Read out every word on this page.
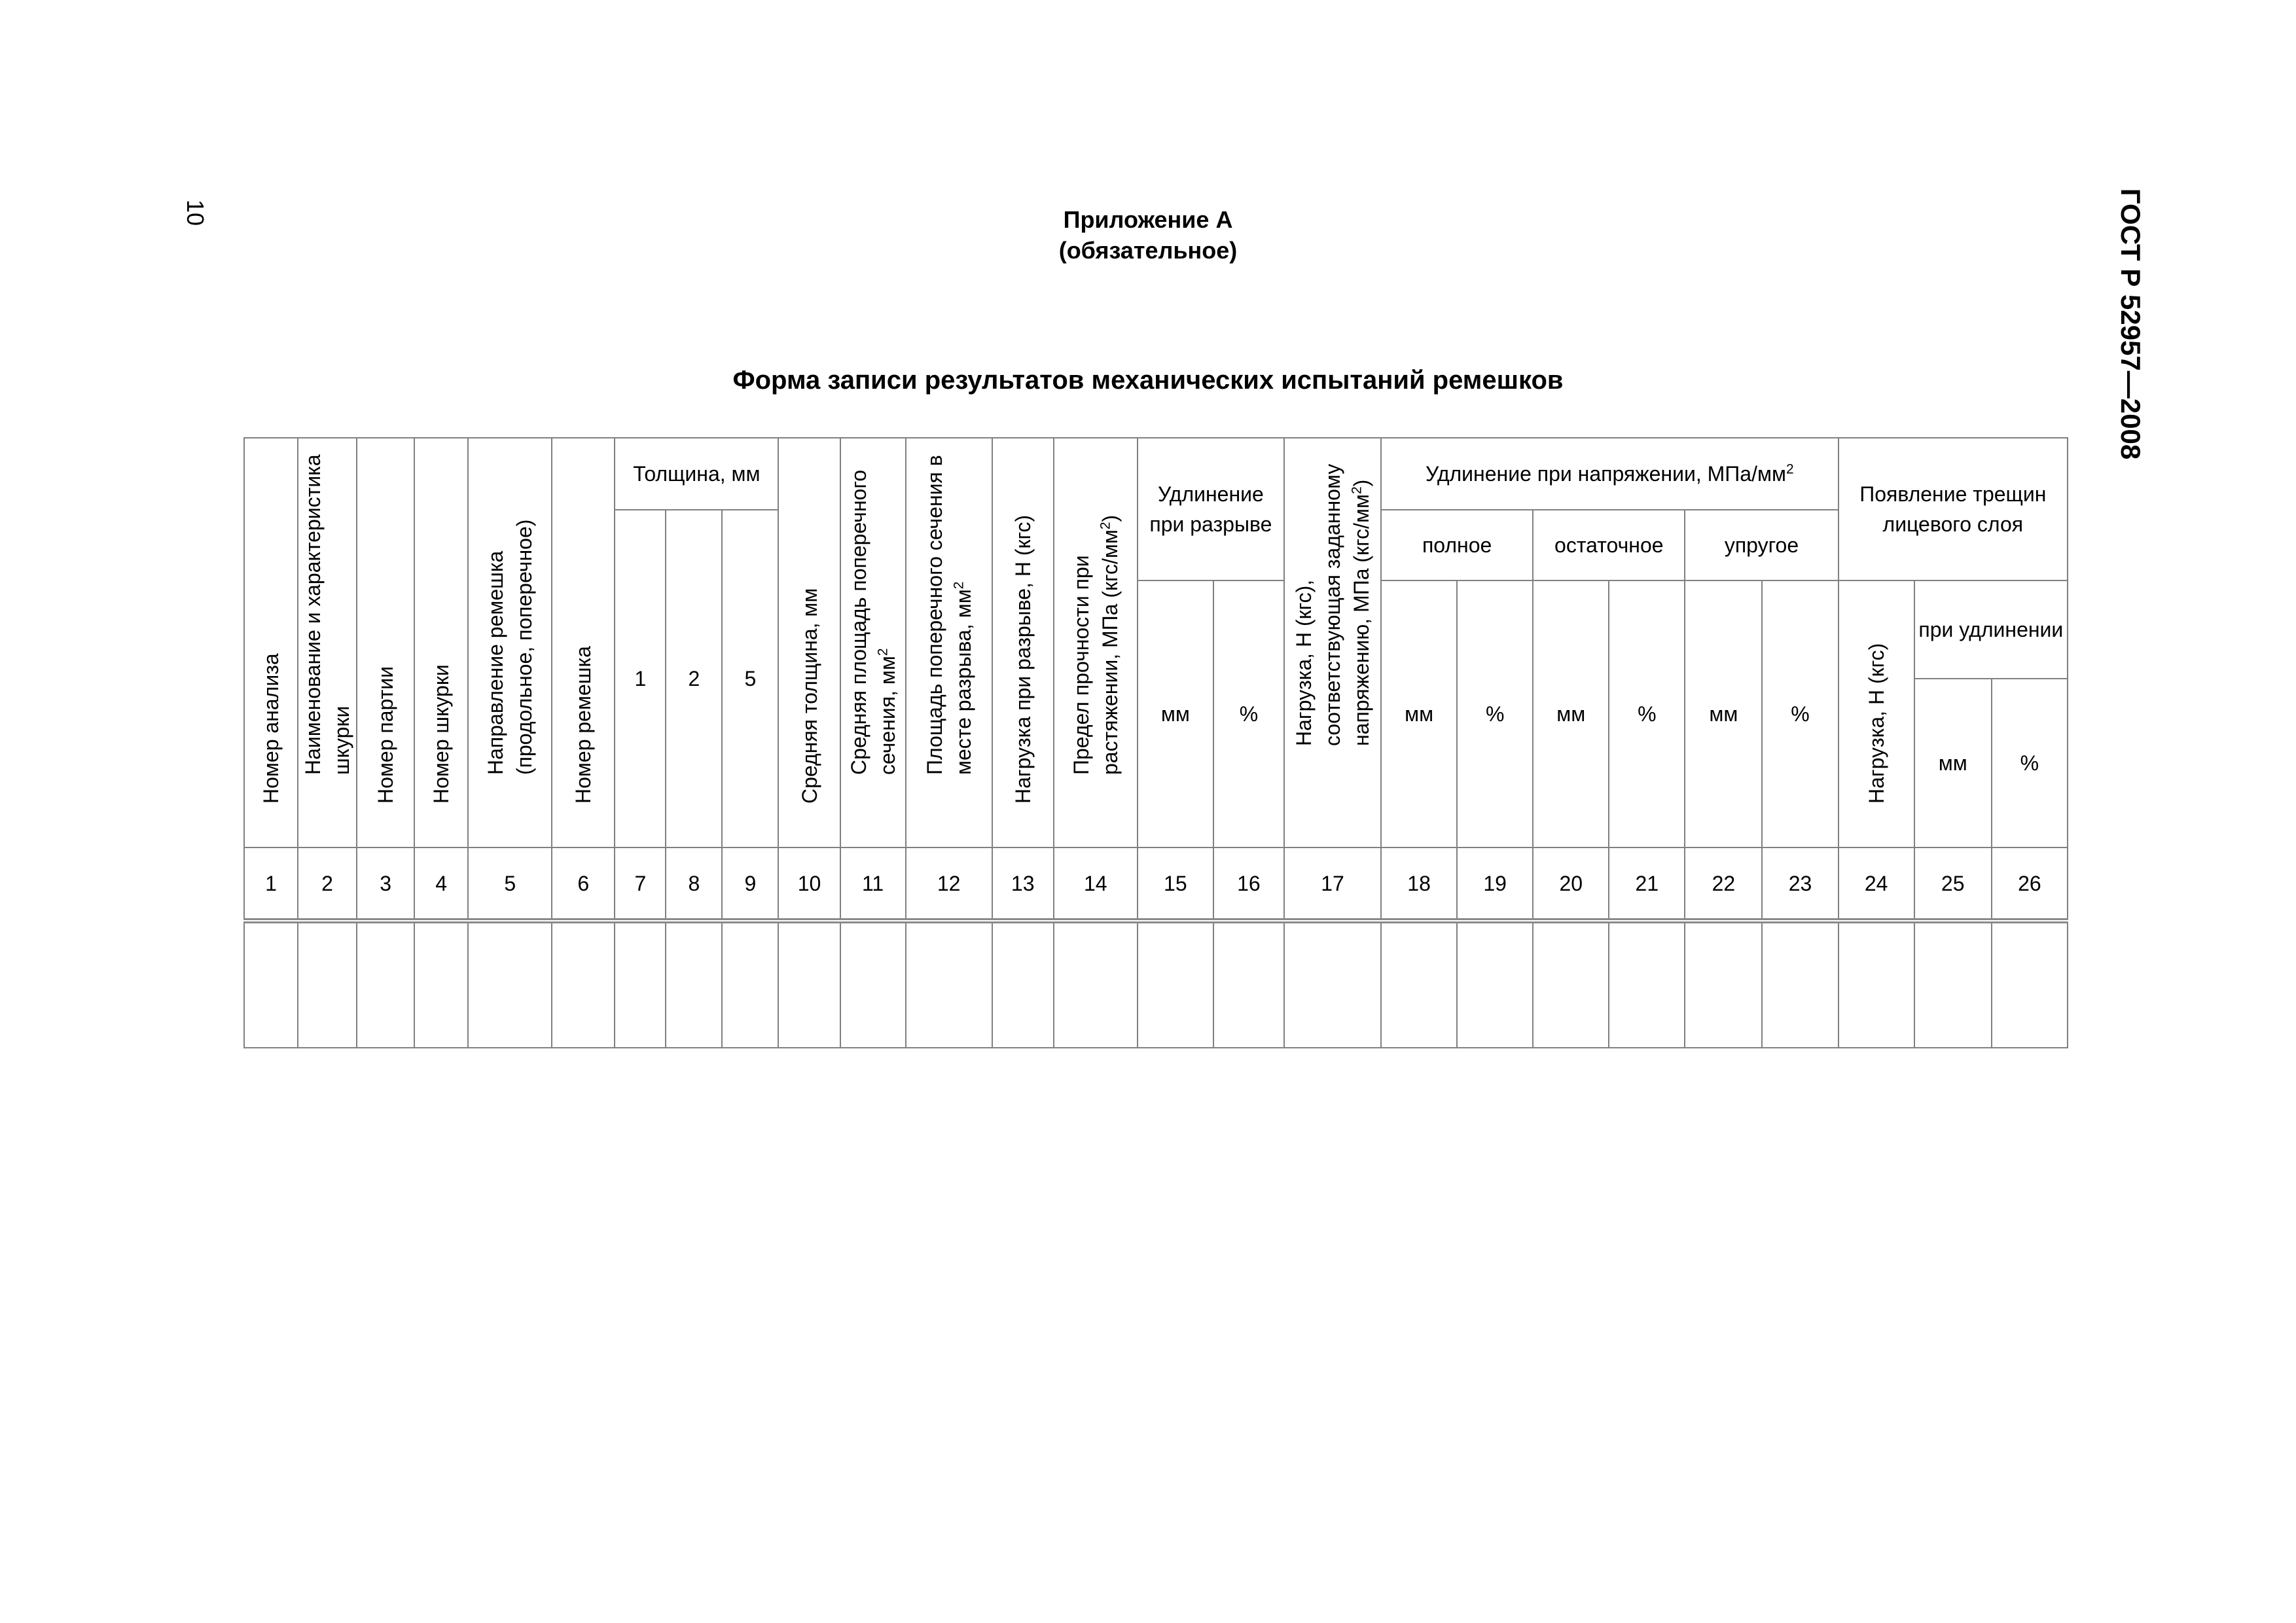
10	ГОСТ Р 52957—2008
Приложение А
(обязательное)
Форма записи результатов механических испытаний ремешков
Номер анализа	Наименование и характеристика шкурки	Номер партии	Номер шкурки	Направление ремешка (продольное, поперечное)	Номер ремешка	Толщина, мм			Средняя толщина, мм	Средняя площадь поперечного сечения, $мм^2$	Площадь поперечного сечения в месте разрыва, $мм^2$	Нагрузка при разрыве, Н (кгс)	Предел прочности при растяжении, МПа $(кгс/мм^2)$	Удлинение при разрыве		Нагрузка, Н (кгс), соответствующая заданному напряжению, МПа $(кгс/мм^2)$	Удлинение при напряжении, МПа/$мм^2$						Появление трещин лицевого слоя		
						1	2	5									полное		остаточное		упругое				
														мм	%		мм	%	мм	%	мм	%	Нагрузка, Н (кгс)	при удлинении	
																								мм	%
1	2	3	4	5	6	7	8	9	10	11	12	13	14	15	16	17	18	19	20	21	22	23	24	25	26
